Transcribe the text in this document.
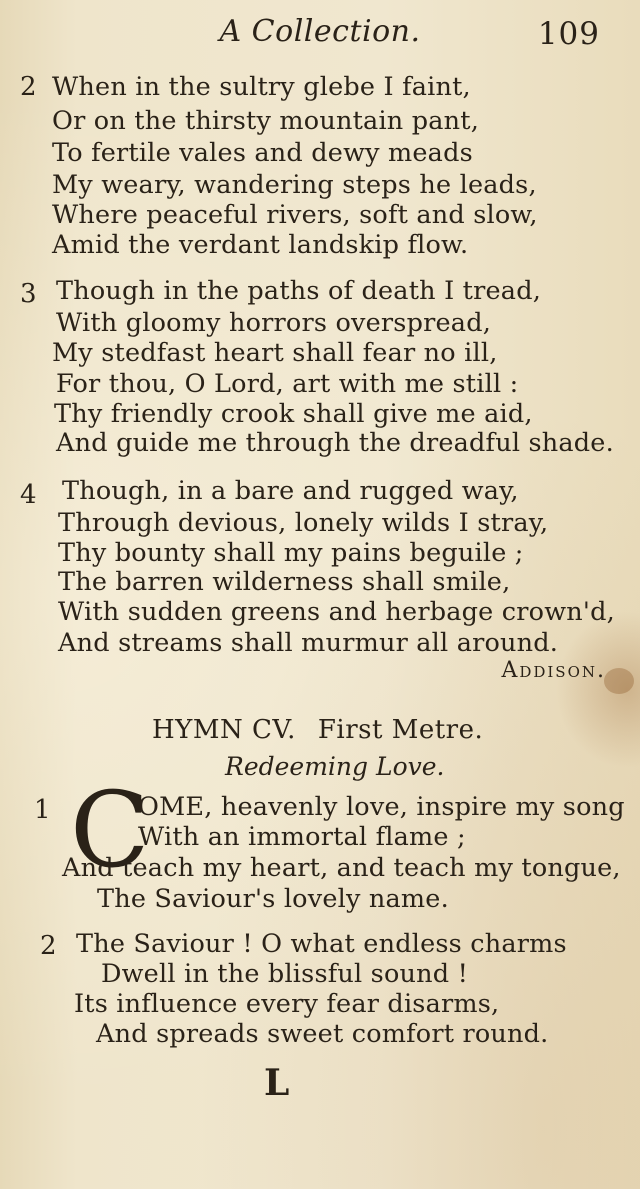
A Collection.	109
2 When in the sultry glebe I faint,
Or on the thirsty mountain pant,
To fertile vales and dewy meads
My weary, wandering steps he leads,
Where peaceful rivers, soft and slow,
Amid the verdant landskip flow.
3 Though in the paths of death I tread,
With gloomy horrors overspread,
My stedfast heart shall fear no ill,
For thou, O Lord, art with me still :
Thy friendly crook shall give me aid,
And guide me through the dreadful shade.
4 Though, in a bare and rugged way,
Through devious, lonely wilds I stray,
Thy bounty shall my pains beguile ;
The barren wilderness shall smile,
With sudden greens and herbage crown'd,
And streams shall murmur all around.
Addison.
HYMN CV. First Metre.
Redeeming Love.
1 C
OME, heavenly love, inspire my song
With an immortal flame ;
And teach my heart, and teach my tongue,
The Saviour's lovely name.
2 The Saviour ! O what endless charms
Dwell in the blissful sound !
Its influence every fear disarms,
And spreads sweet comfort round.
L
